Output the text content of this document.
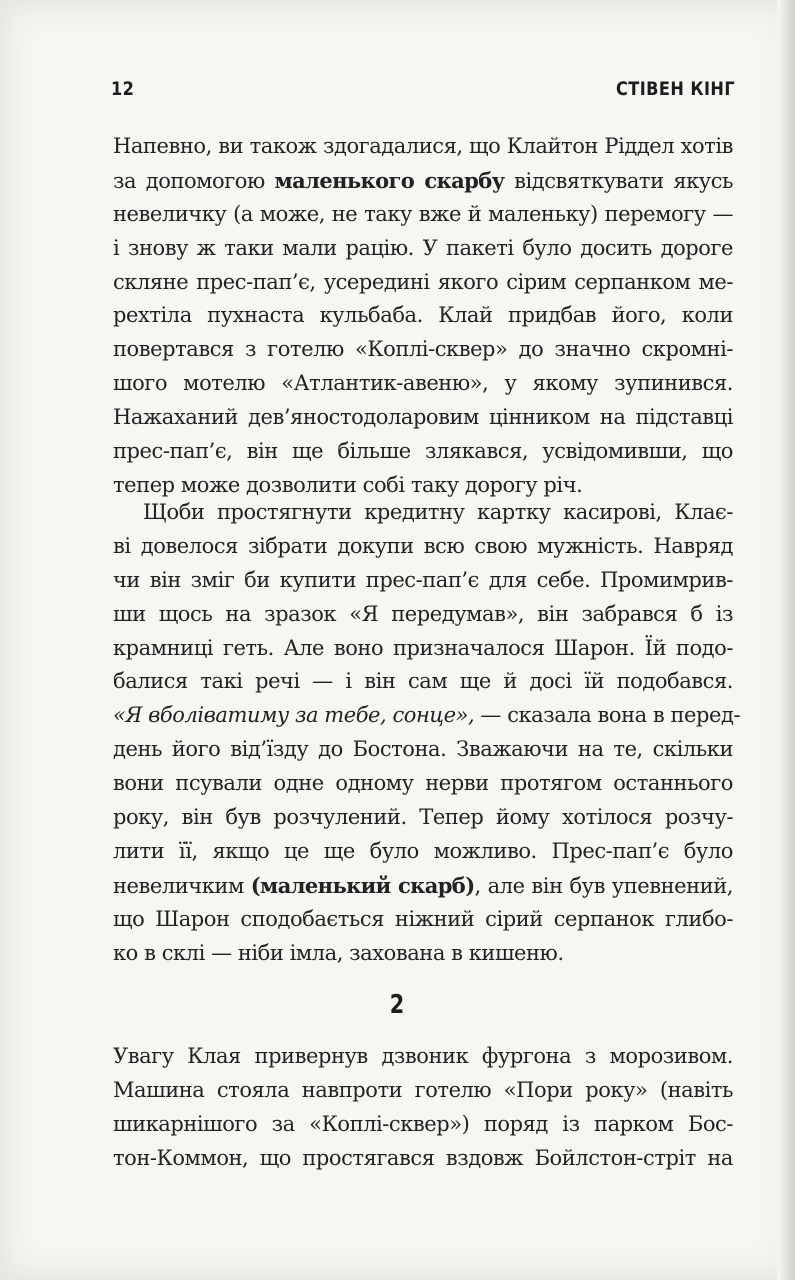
12	СТІВЕН КІНГ
Напевно, ви також здогадалися, що Клайтон Ріддел хотів
за допомогою маленького скарбу відсвяткувати якусь
невеличку (а може, не таку вже й маленьку) перемогу —
і знову ж таки мали рацію. У пакеті було досить дороге
скляне прес-пап’є, усередині якого сірим серпанком ме-
рехтіла пухнаста кульбаба. Клай придбав його, коли
повертався з готелю «Коплі-сквер» до значно скромні-
шого мотелю «Атлантик-авеню», у якому зупинився.
Нажаханий дев’яностодоларовим цінником на підставці
прес-пап’є, він ще більше злякався, усвідомивши, що
тепер може дозволити собі таку дорогу річ.
Щоби простягнути кредитну картку касирові, Клає-
ві довелося зібрати докупи всю свою мужність. Навряд
чи він зміг би купити прес-пап’є для себе. Промимрив-
ши щось на зразок «Я передумав», він забрався б із
крамниці геть. Але воно призначалося Шарон. Їй подо-
балися такі речі — і він сам ще й досі їй подобався.
«Я вболіватиму за тебе, сонце», — сказала вона в перед-
день його від’їзду до Бостона. Зважаючи на те, скільки
вони псували одне одному нерви протягом останнього
року, він був розчулений. Тепер йому хотілося розчу-
лити її, якщо це ще було можливо. Прес-пап’є було
невеличким (маленький скарб), але він був упевнений,
що Шарон сподобається ніжний сірий серпанок глибо-
ко в склі — ніби імла, захована в кишеню.
2
Увагу Клая привернув дзвоник фургона з морозивом.
Машина стояла навпроти готелю «Пори року» (навіть
шикарнішого за «Коплі-сквер») поряд із парком Бос-
тон-Коммон, що простягався вздовж Бойлстон-стріт на
